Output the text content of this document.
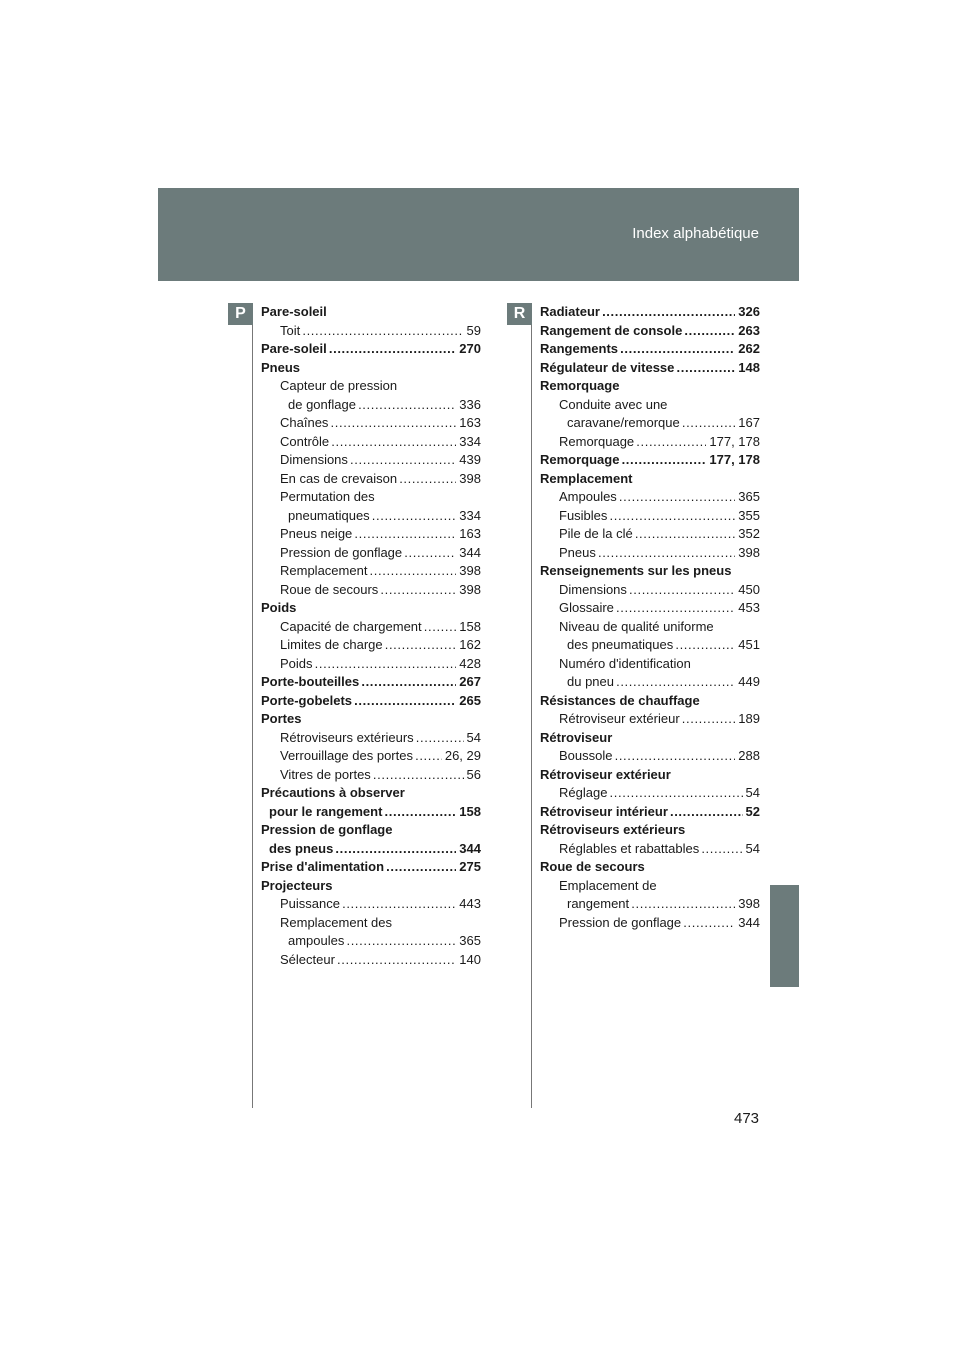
Index alphabétique
P	R
Pare-soleil
Toit . . .	59
Pare-soleil . . .	270
Pneus
Capteur de pression
de gonflage . . .	336
Chaînes . . .	163
Contrôle . . .	334
Dimensions . . .	439
En cas de crevaison . . .	398
Permutation des
pneumatiques . . .	334
Pneus neige . . .	163
Pression de gonflage . . .	344
Remplacement . . .	398
Roue de secours . . .	398
Poids
Capacité de chargement . . .	158
Limites de charge . . .	162
Poids . . .	428
Porte-bouteilles . . .	267
Porte-gobelets . . .	265
Portes
Rétroviseurs extérieurs . . .	54
Verrouillage des portes . . .	26, 29
Vitres de portes . . .	56
Précautions à observer
pour le rangement . . .	158
Pression de gonflage
des pneus . . .	344
Prise d'alimentation . . .	275
Projecteurs
Puissance . . .	443
Remplacement des
ampoules . . .	365
Sélecteur . . .	140
Radiateur . . .	326
Rangement de console . . .	263
Rangements . . .	262
Régulateur de vitesse . . .	148
Remorquage
Conduite avec une
caravane/remorque . . .	167
Remorquage . . .	177, 178
Remorquage . . .	177, 178
Remplacement
Ampoules . . .	365
Fusibles . . .	355
Pile de la clé . . .	352
Pneus . . .	398
Renseignements sur les pneus
Dimensions . . .	450
Glossaire . . .	453
Niveau de qualité uniforme
des pneumatiques . . .	451
Numéro d'identification
du pneu . . .	449
Résistances de chauffage
Rétroviseur extérieur . . .	189
Rétroviseur
Boussole . . .	288
Rétroviseur extérieur
Réglage . . .	54
Rétroviseur intérieur . . .	52
Rétroviseurs extérieurs
Réglables et rabattables . . .	54
Roue de secours
Emplacement de
rangement . . .	398
Pression de gonflage . . .	344
473
